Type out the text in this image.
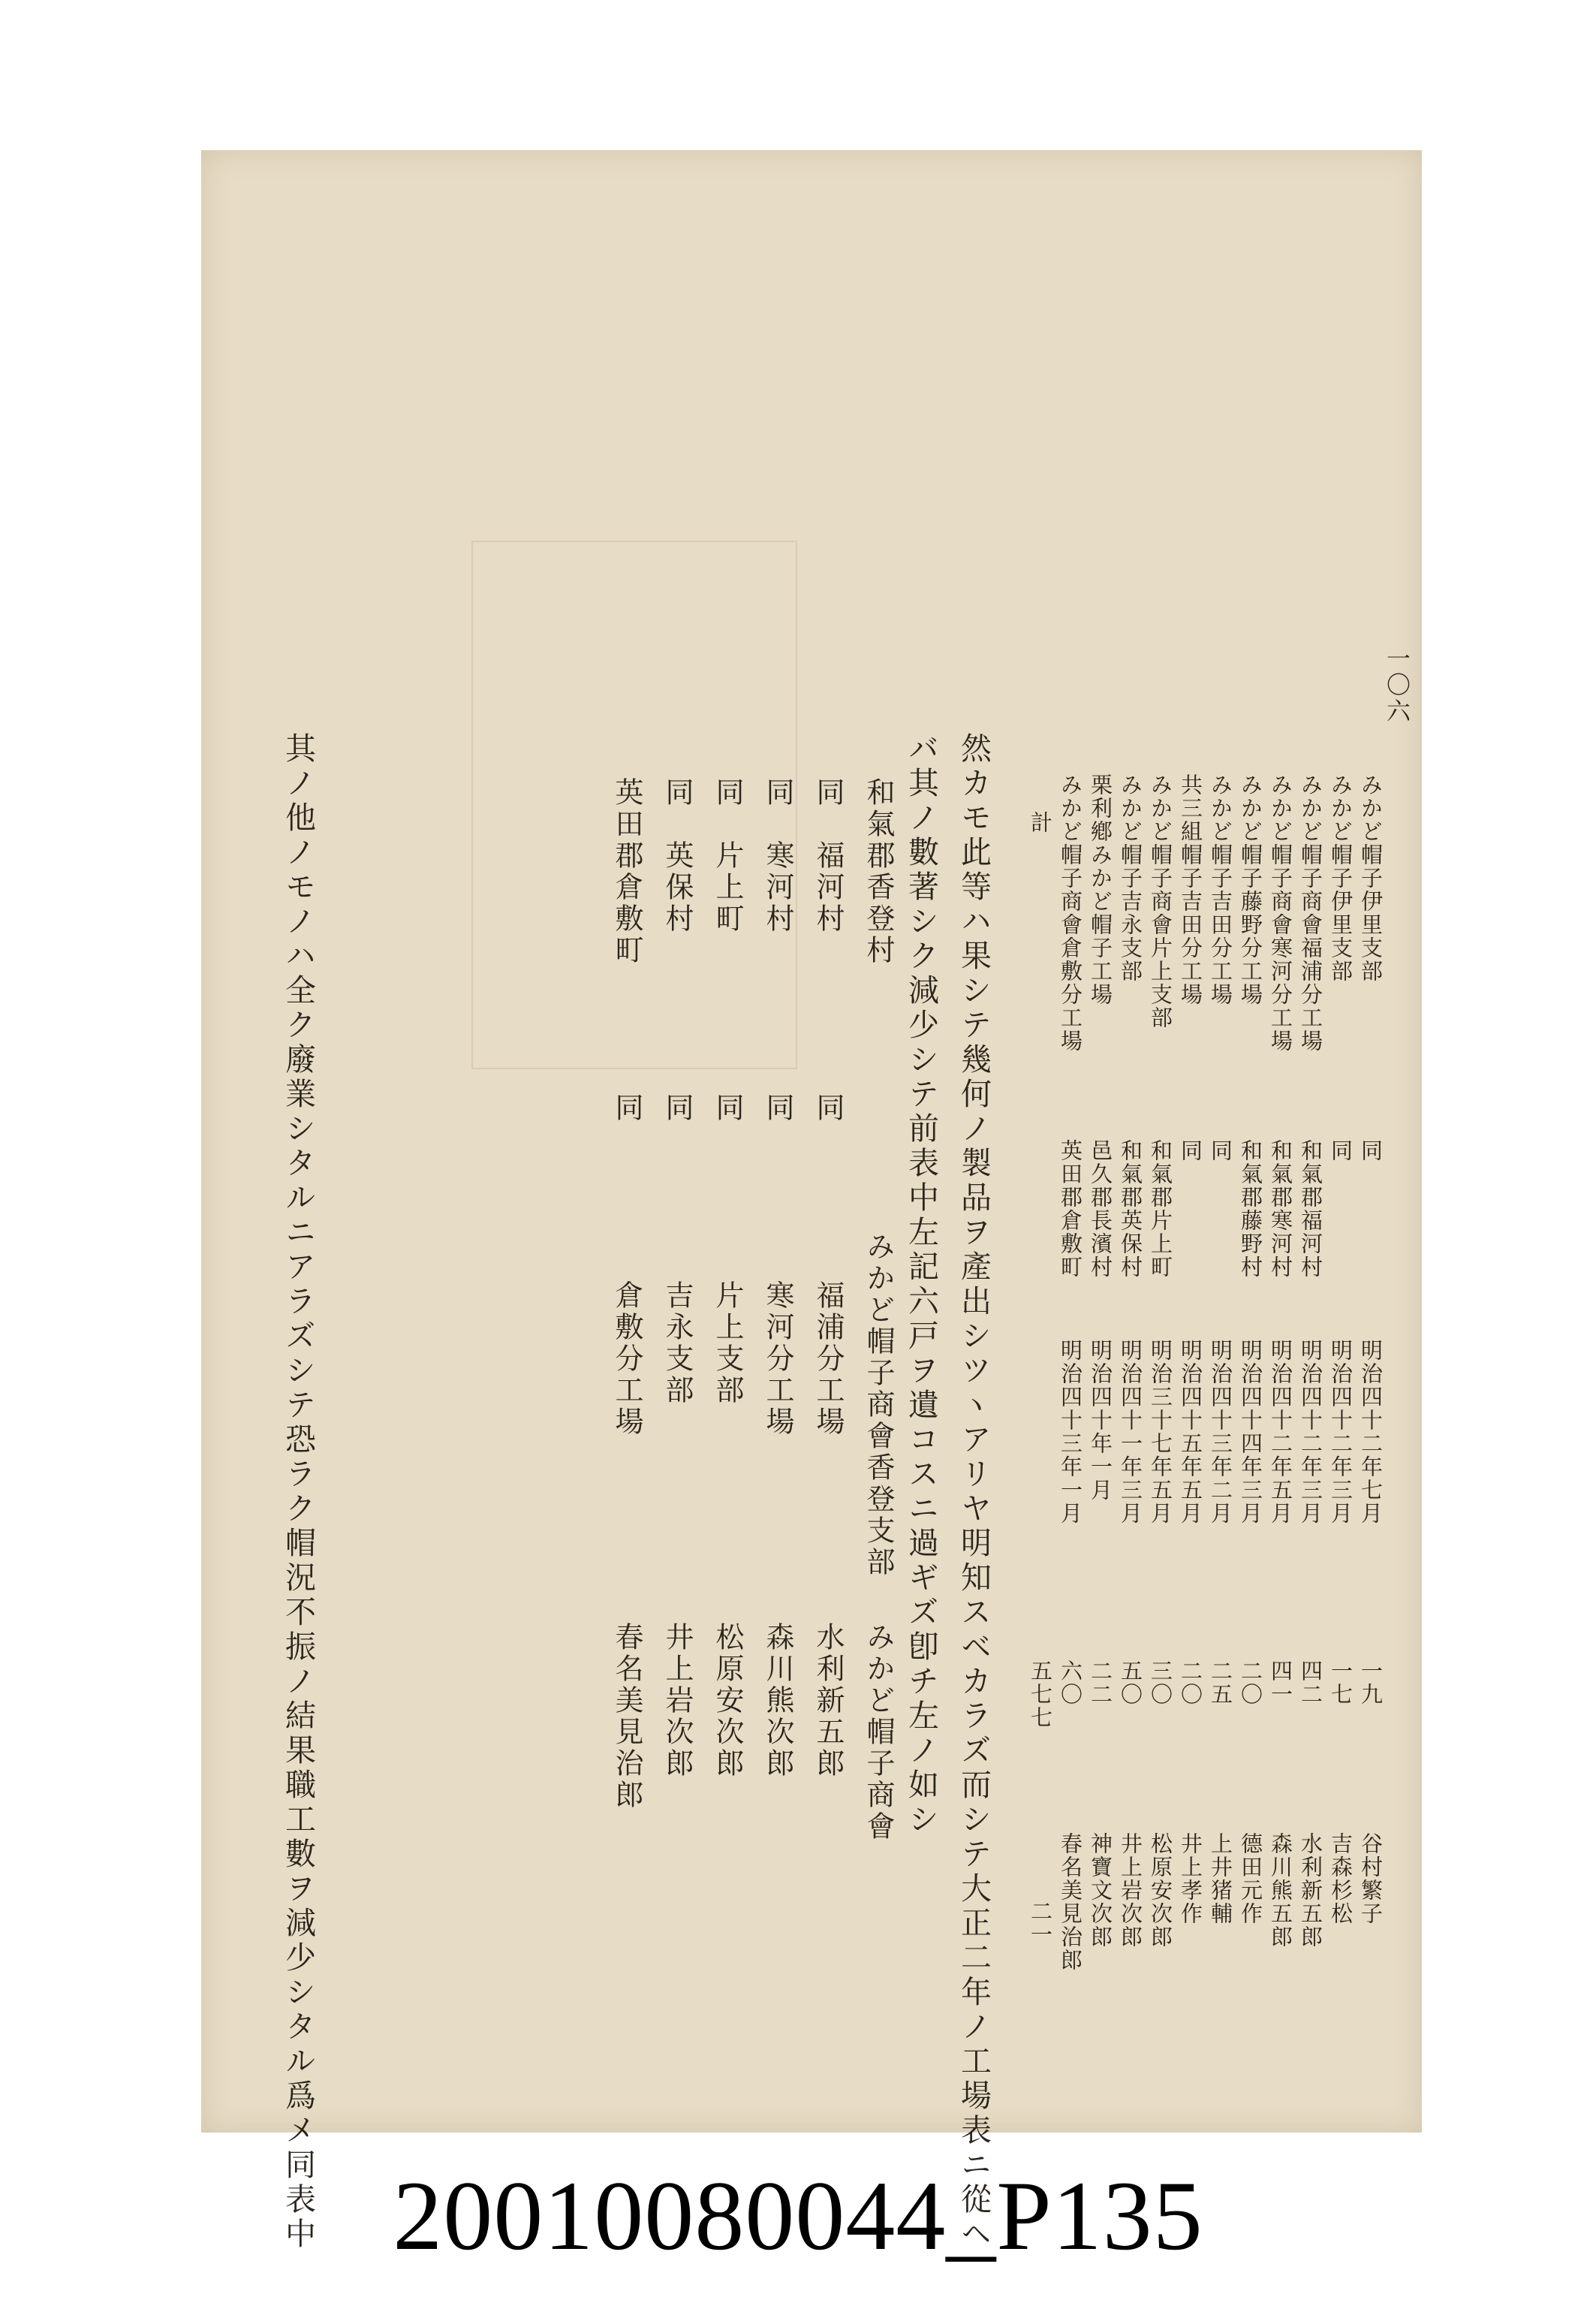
一〇六
みかど帽子伊里支部
同
明治四十二年七月
一九
谷村繁子
みかど帽子伊里支部
同
明治四十二年三月
一七
吉森杉松
みかど帽子商會福浦分工場
和氣郡福河村
明治四十二年三月
四二
水利新五郎
みかど帽子商會寒河分工場
和氣郡寒河村
明治四十二年五月
四一
森川熊五郎
みかど帽子藤野分工場
和氣郡藤野村
明治四十四年三月
二〇
德田元作
みかど帽子吉田分工場
同
明治四十三年二月
二五
上井猪輔
共三組帽子吉田分工場
同
明治四十五年五月
二〇
井上孝作
みかど帽子商會片上支部
和氣郡片上町
明治三十七年五月
三〇
松原安次郎
みかど帽子吉永支部
和氣郡英保村
明治四十一年三月
五〇
井上岩次郎
栗利鄕みかど帽子工場
邑久郡長濱村
明治四十年一月
二二
神寶文次郎
みかど帽子商會倉敷分工場
英田郡倉敷町
明治四十三年一月
六〇
春名美見治郎
計
五七七
二一
然カモ此等ハ果シテ幾何ノ製品ヲ產出シツヽアリヤ明知スベカラズ而シテ大正二年ノ工場表ニ從ヘ
バ其ノ數著シク減少シテ前表中左記六戸ヲ遺コスニ過ギズ卽チ左ノ如シ
和氣郡香登村
みかど帽子商會香登支部
みかど帽子商會
同　福河村
同
福浦分工場
水利新五郎
同　寒河村
同
寒河分工場
森川熊次郎
同　片上町
同
片上支部
松原安次郎
同　英保村
同
吉永支部
井上岩次郎
英田郡倉敷町
同
倉敷分工場
春名美見治郎
其ノ他ノモノハ全ク廢業シタルニアラズシテ恐ラク帽況不振ノ結果職工數ヲ減少シタル爲メ同表中 20010080044_P135
